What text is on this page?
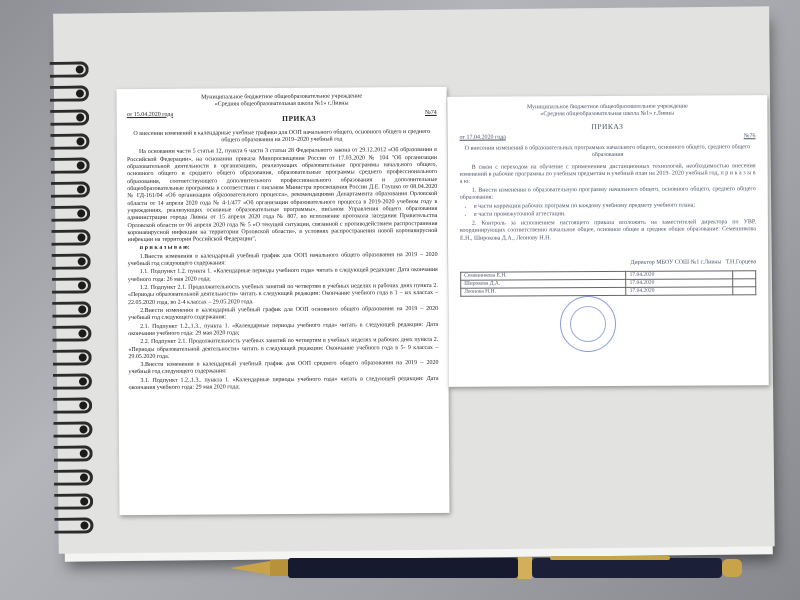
Муниципальное бюджетное общеобразовательное учреждение
«Средняя общеобразовательная школа №1» г.Ливны
от 15.04.2020 года	ПРИКАЗ
№74
О внесении изменений в календарные учебные графики для ООП начального общего, основного общего и среднего общего образования на 2019–2020 учебный год
На основании части 5 статьи 12, пункта 6 части 3 статьи 28 Федерального закона от 29.12.2012 «Об образовании в Российской Федерации», на основании приказа Минпросвещения России от 17.03.2020 № 104 "Об организации образовательной деятельности в организациях, реализующих образовательные программы начального общего, основного общего и среднего общего образования, образовательные программы среднего профессионального образования, соответствующего дополнительного профессионального образования и дополнительные общеобразовательные программы в соответствии с письмом Министра просвещения России Д.Е. Глушко от 08.04.2020 № ГД-161/04 «Об организации образовательного процесса», рекомендациями Департамента образования Орловской области от 14 апреля 2020 года № 4-1/477 «Об организации образовательного процесса в 2019-2020 учебном году в учреждениях, реализующих основные образовательные программы», письмом Управления общего образования администрации города Ливны от 15 апреля 2020 года № 807, во исполнение протокола заседания Правительства Орловской области от 06 апреля 2020 года № 5 «О текущей ситуации, связанной с противодействием распространения коронавирусной инфекции на территории Орловской области», в условиях распространения новой коронавирусной инфекции на территории Российской Федерации",
п р и к а з ы в а ю:
1.Внести изменения в календарный учебный график для ООП начального общего образования на 2019 – 2020 учебный год следующего содержания:
1.1. Подпункт 1.2. пункта 1. «Календарные периоды учебного года» читать в следующей редакции: Дата окончания учебного года: 26 мая 2020 года;
1.2. Подпункт 2.1. Продолжительность учебных занятий по четвертям в учебных неделях и рабочих днях пункта 2. «Периоды образовательной деятельности» читать в следующей редакции: Окончание учебного года в 1 – ых классах – 22.05.2020 года, во 2-4 классах – 29.05.2020 года.
2.Внести изменения в календарный учебный график для ООП основного общего образования на 2019 – 2020 учебный год следующего содержания:
2.1. Подпункт 1.2.,1.3.. пункта 1. «Календарные периоды учебного года» читать в следующей редакции: Дата окончания учебного года: 29 мая 2020 года;
2.2. Подпункт 2.1. Продолжительность учебных занятий по четвертям в учебных неделях и рабочих днях пункта 2. «Периоды образовательной деятельности» читать в следующей редакции: Окончание учебного года в 5- 9 классах – 29.05.2020 года.
3.Внести изменения в календарный учебный график для ООП среднего общего образования на 2019 – 2020 учебный год следующего содержания:
3.1. Подпункт 1.2.,1.3.. пункта 1. «Календарные периоды учебного года» читать в следующей редакции: Дата окончания учебного года: 29 мая 2020 года;
Муниципальное бюджетное общеобразовательное учреждение
«Средняя общеобразовательная школа №1» г.Ливны
ПРИКАЗ
от 17.04.2020 года	№76
О внесении изменений в образовательных программах начального общего, основного общего, среднего общего образования
В связи с переходом на обучение с применением дистанционных технологий, необходимостью внесения изменений в рабочие программы по учебным предметам и учебный план на 2019- 2020 учебный год, п р и к а з ы в а ю:
1. Внести изменения в образовательную программу начального общего, основного общего, среднего общего образования:
• в части коррекции рабочих программ по каждому учебному предмету учебного плана;
• в части промежуточной аттестации.
2. Контроль за исполнением настоящего приказа возложить на заместителей директора по УВР, координирующих соответственно начальное общее, основное общее и среднее общее образование: Семенникова Е.Н., Шиpокова Д.А., Леонову Н.Н.
Директор МБОУ СОШ №1 г.Ливны Т.Н.Горцева
Семенникова Е.Н.	17.04.2020	
Шиpокова Д.А.	17.04.2020	
Леонова Н.Н.	17.04.2020	
